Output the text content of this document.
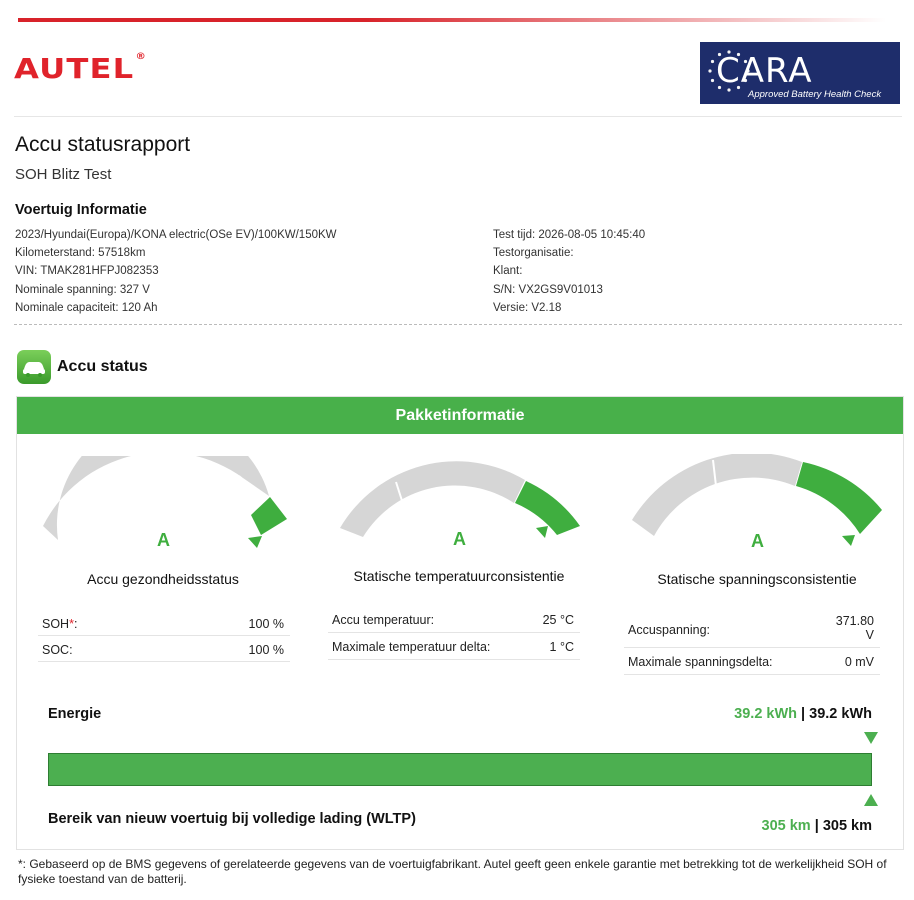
AUTEL®	CARA
Approved Battery Health Check
Accu statusrapport
SOH Blitz Test
Voertuig Informatie
2023/Hyundai(Europa)/KONA electric(OSe EV)/100KW/150KW
Kilometerstand: 57518km
VIN: TMAK281HFPJ082353
Nominale spanning: 327 V
Nominale capaciteit: 120 Ah
Test tijd: 2026-08-05 10:45:40
Testorganisatie:
Klant:
S/N: VX2GS9V01013
Versie: V2.18
Accu status
Pakketinformatie
A
Accu gezondheidsstatus
SOH*:	100 %
SOC:	100 %
A
Statische temperatuurconsistentie
Accu temperatuur:	25 °C
Maximale temperatuur delta:	1 °C
A
Statische spanningsconsistentie
Accuspanning:
371.80 V
Maximale spanningsdelta:	0 mV
Energie	39.2 kWh | 39.2 kWh
Bereik van nieuw voertuig bij volledige lading (WLTP)	305 km | 305 km
*: Gebaseerd op de BMS gegevens of gerelateerde gegevens van de voertuigfabrikant. Autel geeft geen enkele garantie met betrekking tot de werkelijkheid SOH of fysieke toestand van de batterij.
